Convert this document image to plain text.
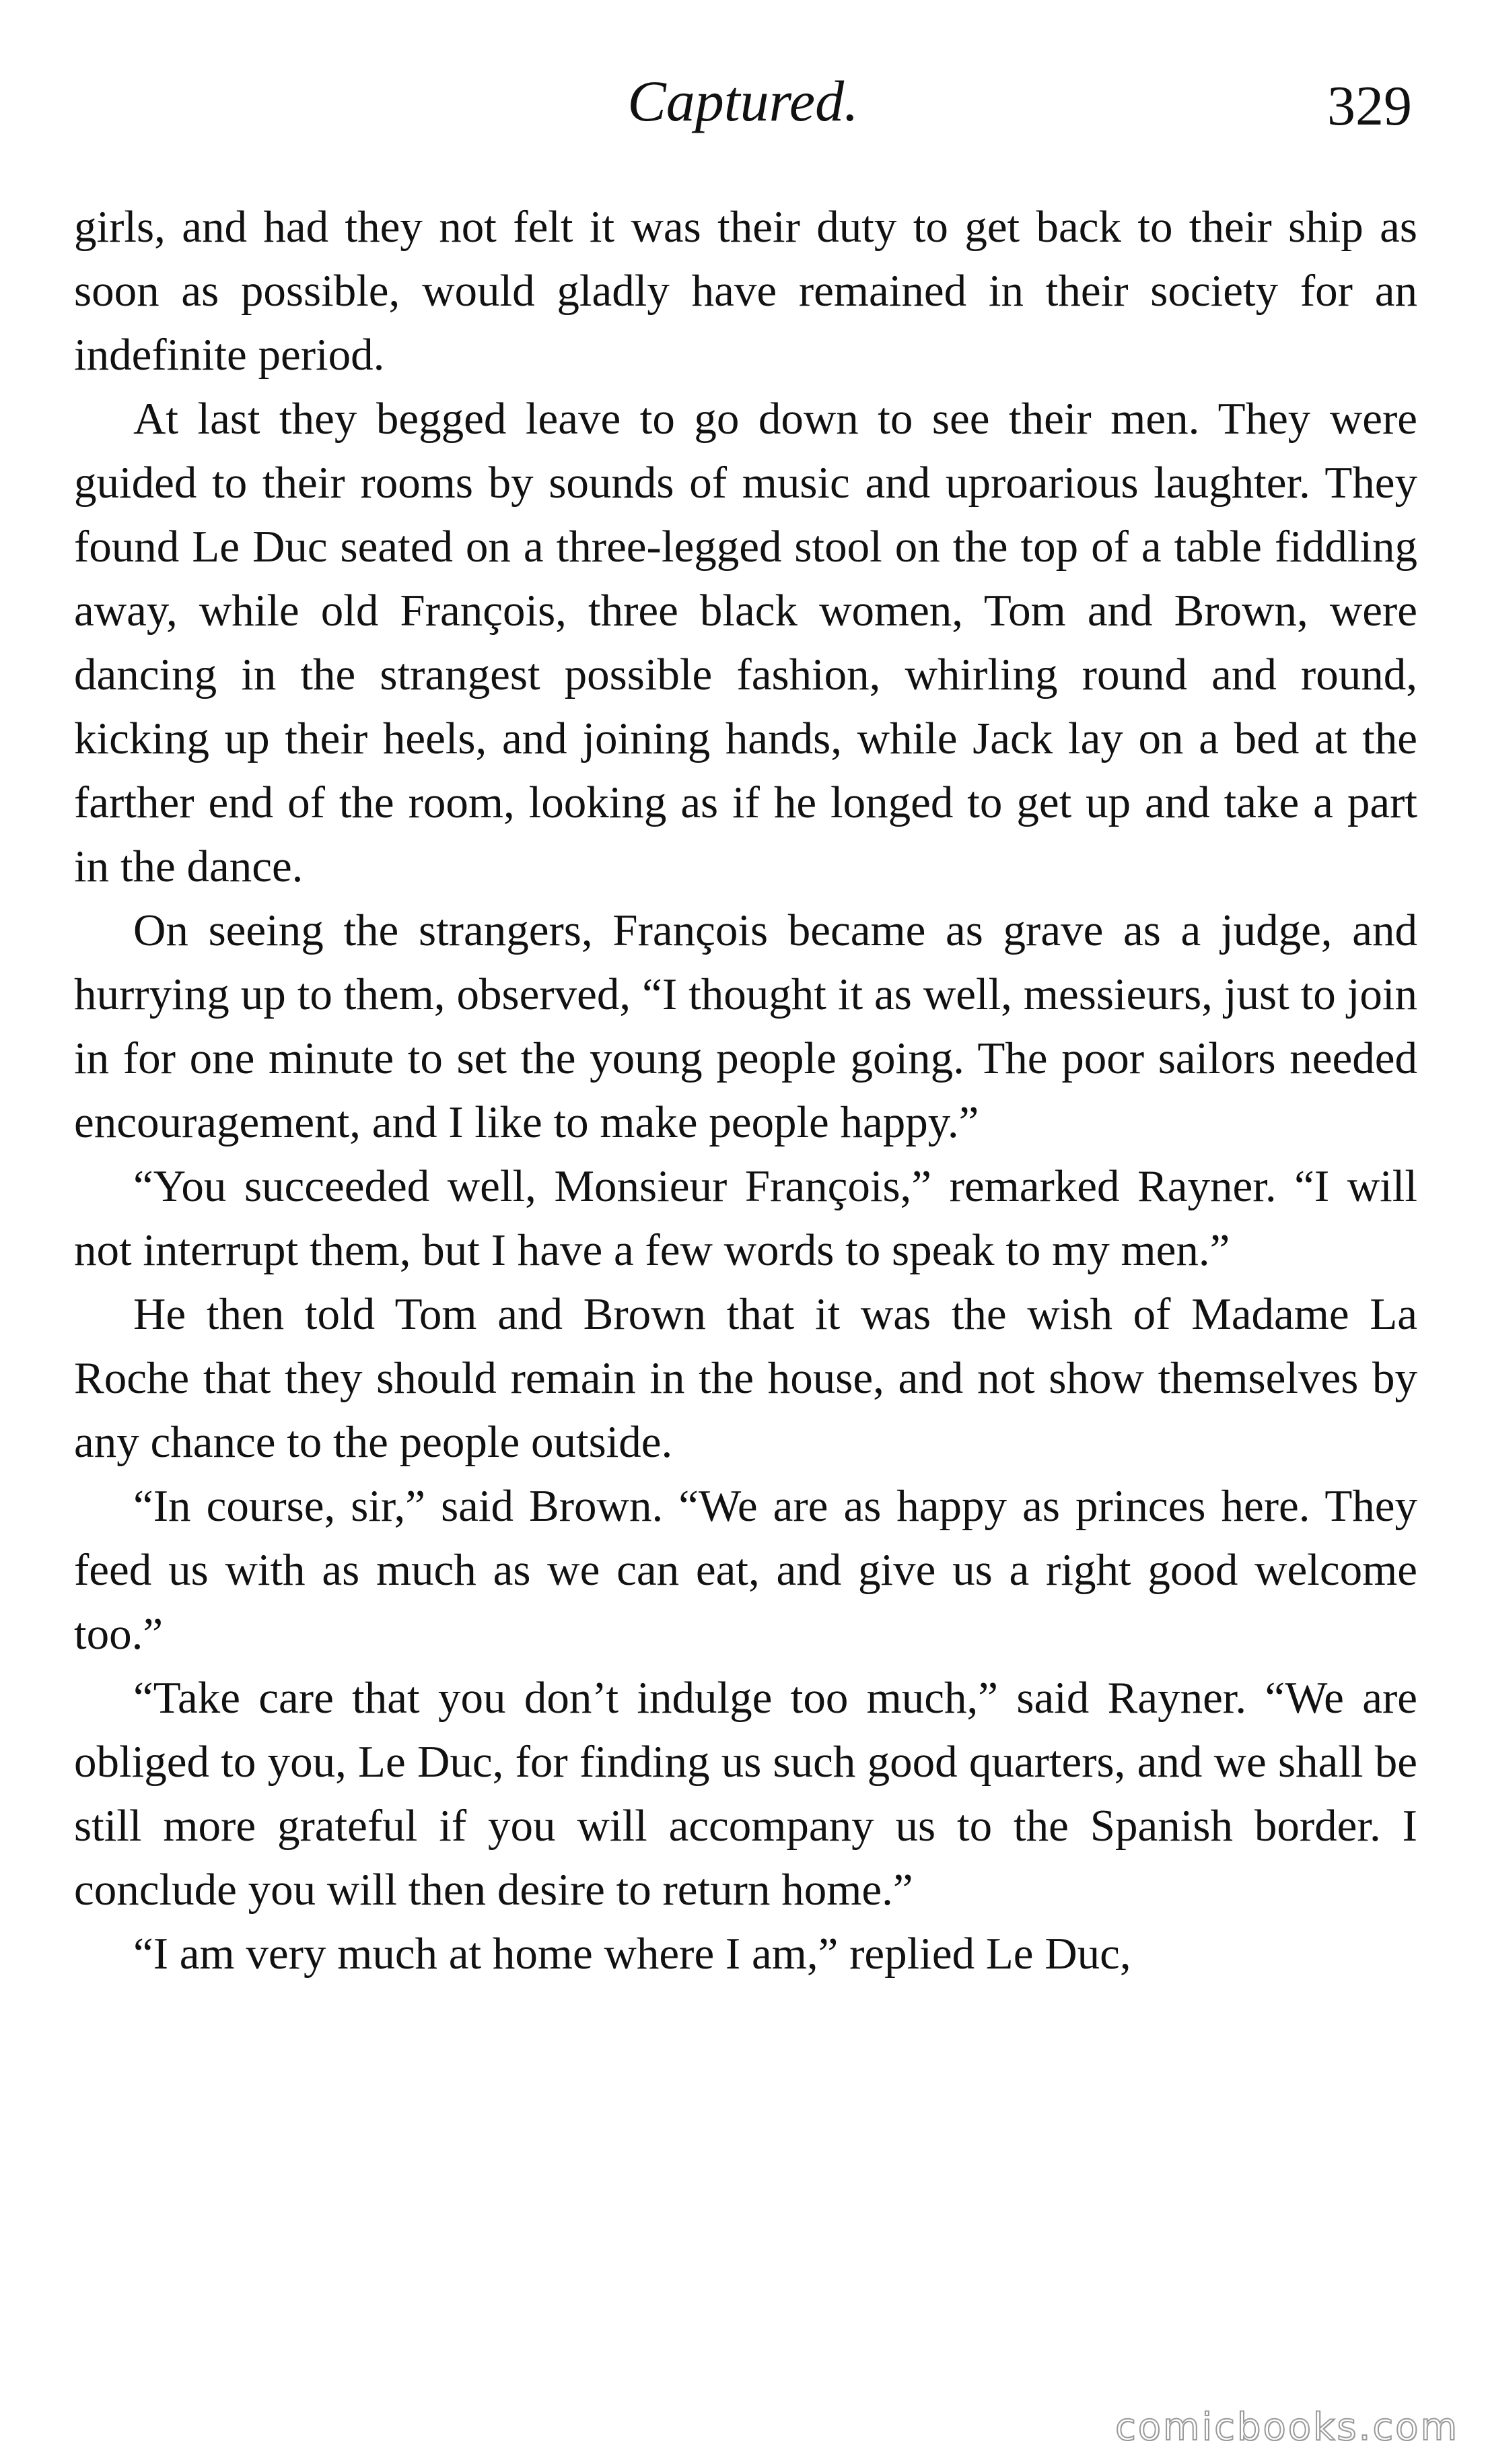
Captured.	329

girls, and had they not felt it was their duty to get back to their ship as soon as possible, would gladly have remained in their society for an indefinite period.

At last they begged leave to go down to see their men. They were guided to their rooms by sounds of music and uproarious laughter. They found Le Duc seated on a three-legged stool on the top of a table fiddling away, while old François, three black women, Tom and Brown, were dancing in the strangest possible fashion, whirling round and round, kicking up their heels, and joining hands, while Jack lay on a bed at the farther end of the room, looking as if he longed to get up and take a part in the dance.

On seeing the strangers, François became as grave as a judge, and hurrying up to them, observed, “I thought it as well, messieurs, just to join in for one minute to set the young people going. The poor sailors needed encouragement, and I like to make people happy.”

“You succeeded well, Monsieur François,” remarked Rayner. “I will not interrupt them, but I have a few words to speak to my men.”

He then told Tom and Brown that it was the wish of Madame La Roche that they should remain in the house, and not show themselves by any chance to the people outside.

“In course, sir,” said Brown. “We are as happy as princes here. They feed us with as much as we can eat, and give us a right good welcome too.”

“Take care that you don’t indulge too much,” said Rayner. “We are obliged to you, Le Duc, for finding us such good quarters, and we shall be still more grateful if you will accompany us to the Spanish border. I conclude you will then desire to return home.”

“I am very much at home where I am,” replied Le Duc,

comicbooks.com
